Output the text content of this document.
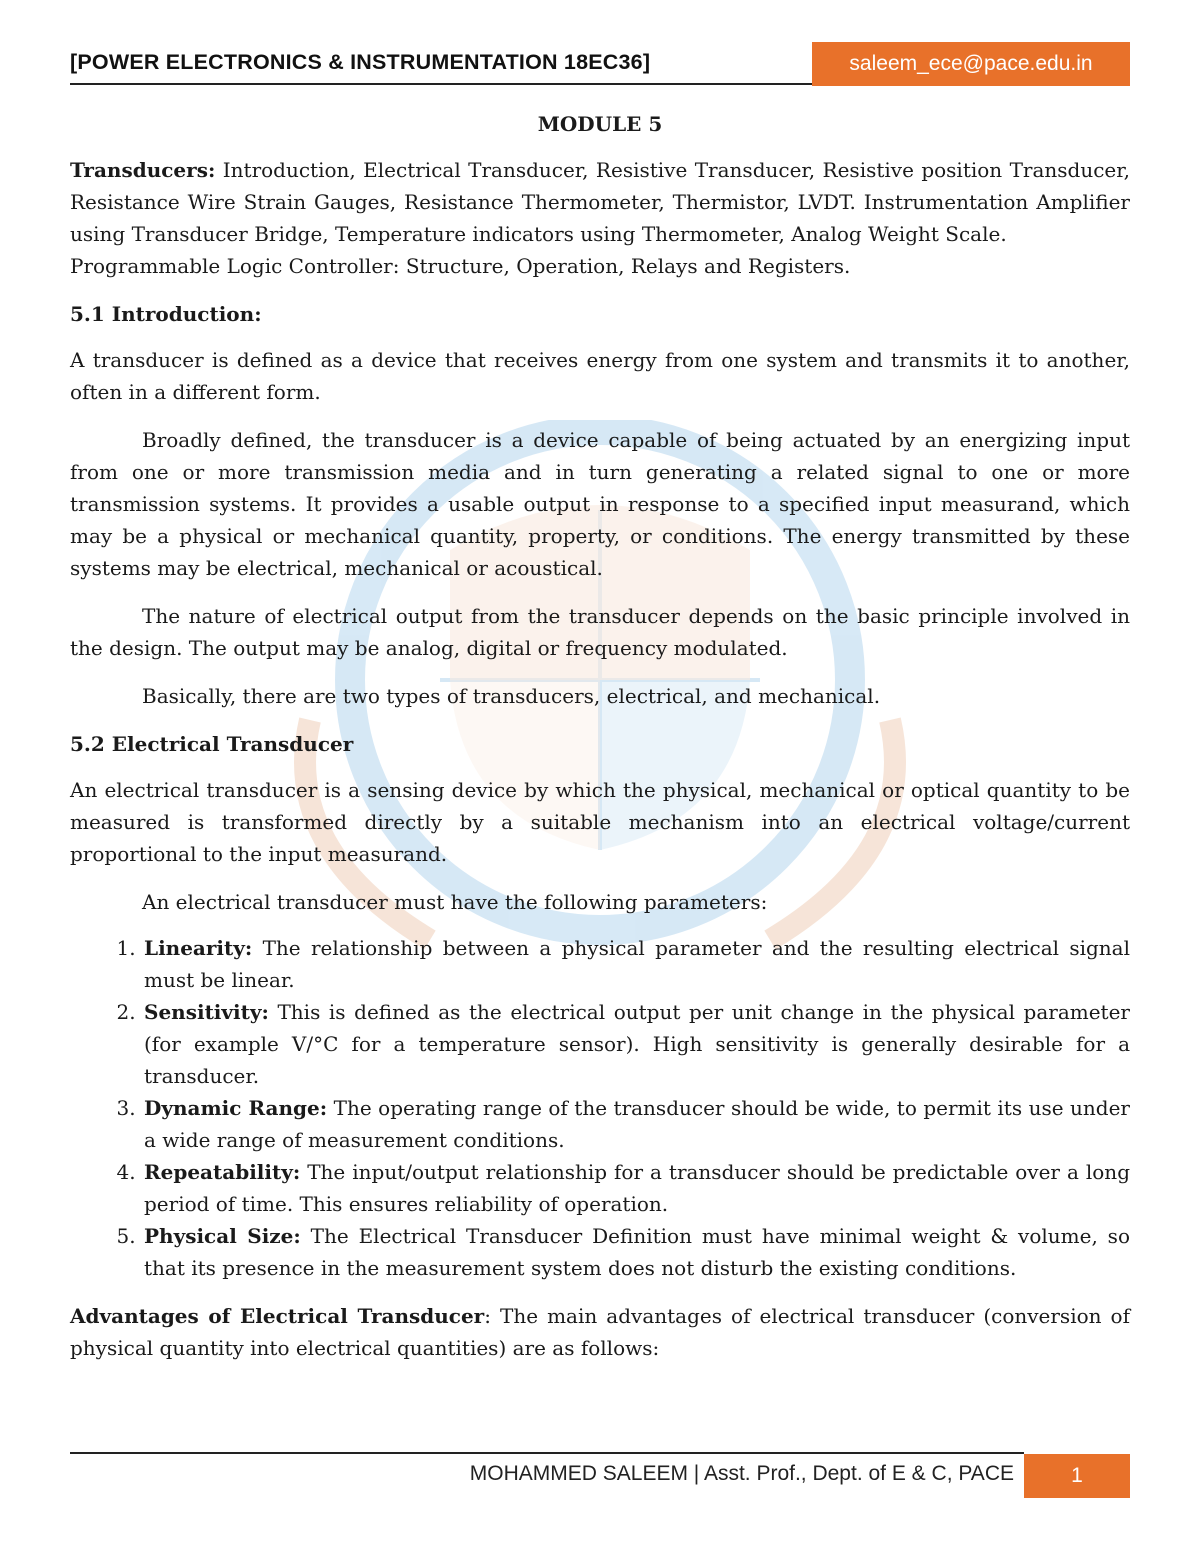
[POWER ELECTRONICS & INSTRUMENTATION 18EC36]	saleem_ece@pace.edu.in
MODULE 5

Transducers: Introduction, Electrical Transducer, Resistive Transducer, Resistive position Transducer, Resistance Wire Strain Gauges, Resistance Thermometer, Thermistor, LVDT. Instrumentation Amplifier using Transducer Bridge, Temperature indicators using Thermometer, Analog Weight Scale.

Programmable Logic Controller: Structure, Operation, Relays and Registers.

5.1 Introduction:

A transducer is defined as a device that receives energy from one system and transmits it to another, often in a different form.

Broadly defined, the transducer is a device capable of being actuated by an energizing input from one or more transmission media and in turn generating a related signal to one or more transmission systems. It provides a usable output in response to a specified input measurand, which may be a physical or mechanical quantity, property, or conditions. The energy transmitted by these systems may be electrical, mechanical or acoustical.

The nature of electrical output from the transducer depends on the basic principle involved in the design. The output may be analog, digital or frequency modulated.

Basically, there are two types of transducers, electrical, and mechanical.

5.2 Electrical Transducer

An electrical transducer is a sensing device by which the physical, mechanical or optical quantity to be measured is transformed directly by a suitable mechanism into an electrical voltage/current proportional to the input measurand.

An electrical transducer must have the following parameters:

1. Linearity: The relationship between a physical parameter and the resulting electrical signal must be linear.
2. Sensitivity: This is defined as the electrical output per unit change in the physical parameter (for example V/°C for a temperature sensor). High sensitivity is generally desirable for a transducer.
3. Dynamic Range: The operating range of the transducer should be wide, to permit its use under a wide range of measurement conditions.
4. Repeatability: The input/output relationship for a transducer should be predictable over a long period of time. This ensures reliability of operation.
5. Physical Size: The Electrical Transducer Definition must have minimal weight & volume, so that its presence in the measurement system does not disturb the existing conditions.

Advantages of Electrical Transducer: The main advantages of electrical transducer (conversion of physical quantity into electrical quantities) are as follows:

MOHAMMED SALEEM | Asst. Prof., Dept. of E & C, PACE	1
